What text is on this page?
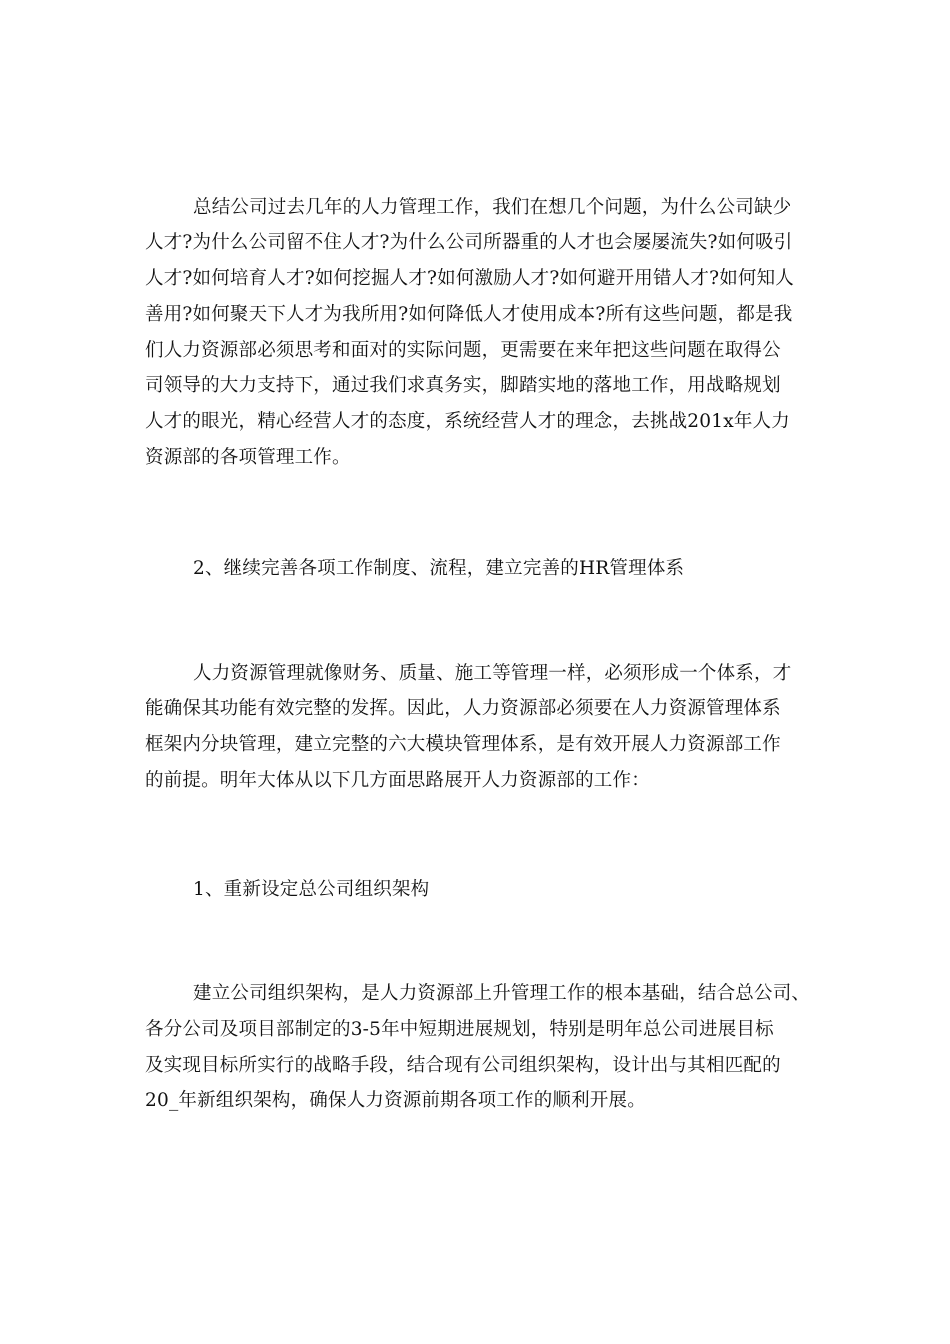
总结公司过去几年的人力管理工作，我们在想几个问题，为什么公司缺少
人才?为什么公司留不住人才?为什么公司所器重的人才也会屡屡流失?如何吸引
人才?如何培育人才?如何挖掘人才?如何激励人才?如何避开用错人才?如何知人
善用?如何聚天下人才为我所用?如何降低人才使用成本?所有这些问题，都是我
们人力资源部必须思考和面对的实际问题，更需要在来年把这些问题在取得公
司领导的大力支持下，通过我们求真务实，脚踏实地的落地工作，用战略规划
人才的眼光，精心经营人才的态度，系统经营人才的理念，去挑战201x年人力
资源部的各项管理工作。
2、继续完善各项工作制度、流程，建立完善的HR管理体系
人力资源管理就像财务、质量、施工等管理一样，必须形成一个体系，才
能确保其功能有效完整的发挥。因此，人力资源部必须要在人力资源管理体系
框架内分块管理，建立完整的六大模块管理体系，是有效开展人力资源部工作
的前提。明年大体从以下几方面思路展开人力资源部的工作：
1、重新设定总公司组织架构
建立公司组织架构，是人力资源部上升管理工作的根本基础，结合总公司、
各分公司及项目部制定的3-5年中短期进展规划，特别是明年总公司进展目标
及实现目标所实行的战略手段，结合现有公司组织架构，设计出与其相匹配的
20_年新组织架构，确保人力资源前期各项工作的顺利开展。
